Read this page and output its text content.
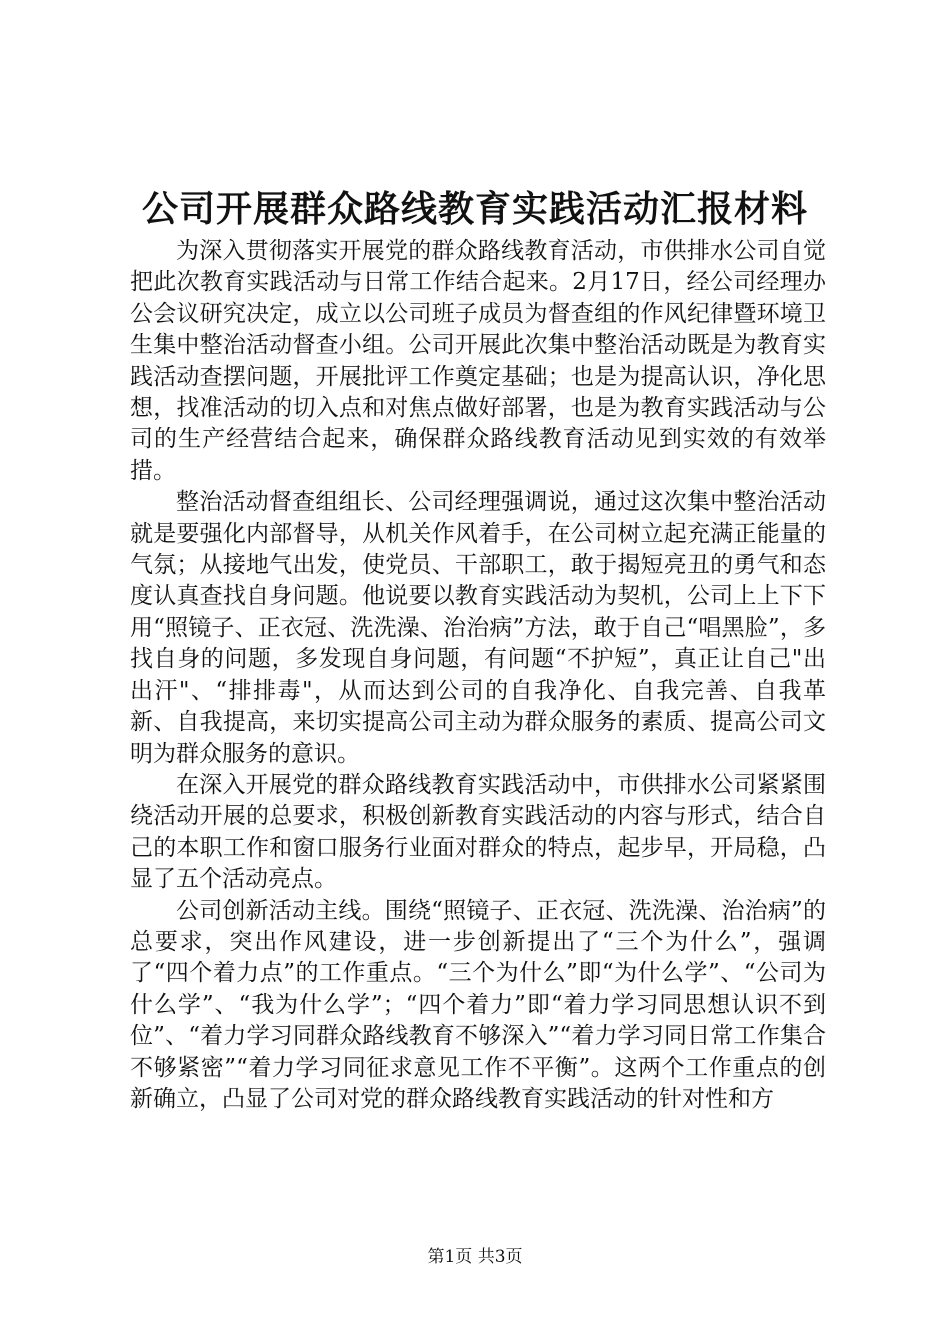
公司开展群众路线教育实践活动汇报材料

为深入贯彻落实开展党的群众路线教育活动，市供排水公司自觉把此次教育实践活动与日常工作结合起来。2月17日，经公司经理办公会议研究决定，成立以公司班子成员为督查组的作风纪律暨环境卫生集中整治活动督查小组。公司开展此次集中整治活动既是为教育实践活动查摆问题，开展批评工作奠定基础；也是为提高认识，净化思想，找准活动的切入点和对焦点做好部署，也是为教育实践活动与公司的生产经营结合起来，确保群众路线教育活动见到实效的有效举措。

整治活动督查组组长、公司经理强调说，通过这次集中整治活动就是要强化内部督导，从机关作风着手，在公司树立起充满正能量的气氛；从接地气出发，使党员、干部职工，敢于揭短亮丑的勇气和态度认真查找自身问题。他说要以教育实践活动为契机，公司上上下下用“照镜子、正衣冠、洗洗澡、治治病”方法，敢于自己“唱黑脸”，多找自身的问题，多发现自身问题，有问题“不护短”，真正让自己"出出汗"、“排排毒"，从而达到公司的自我净化、自我完善、自我革新、自我提高，来切实提高公司主动为群众服务的素质、提高公司文明为群众服务的意识。

在深入开展党的群众路线教育实践活动中，市供排水公司紧紧围绕活动开展的总要求，积极创新教育实践活动的内容与形式，结合自己的本职工作和窗口服务行业面对群众的特点，起步早，开局稳，凸显了五个活动亮点。

公司创新活动主线。围绕“照镜子、正衣冠、洗洗澡、治治病”的总要求，突出作风建设，进一步创新提出了“三个为什么”，强调了“四个着力点”的工作重点。“三个为什么”即“为什么学”、“公司为什么学”、“我为什么学”；“四个着力”即“着力学习同思想认识不到位”、“着力学习同群众路线教育不够深入”“着力学习同日常工作集合不够紧密”“着力学习同征求意见工作不平衡”。这两个工作重点的创新确立，凸显了公司对党的群众路线教育实践活动的针对性和方

第1页 共3页
